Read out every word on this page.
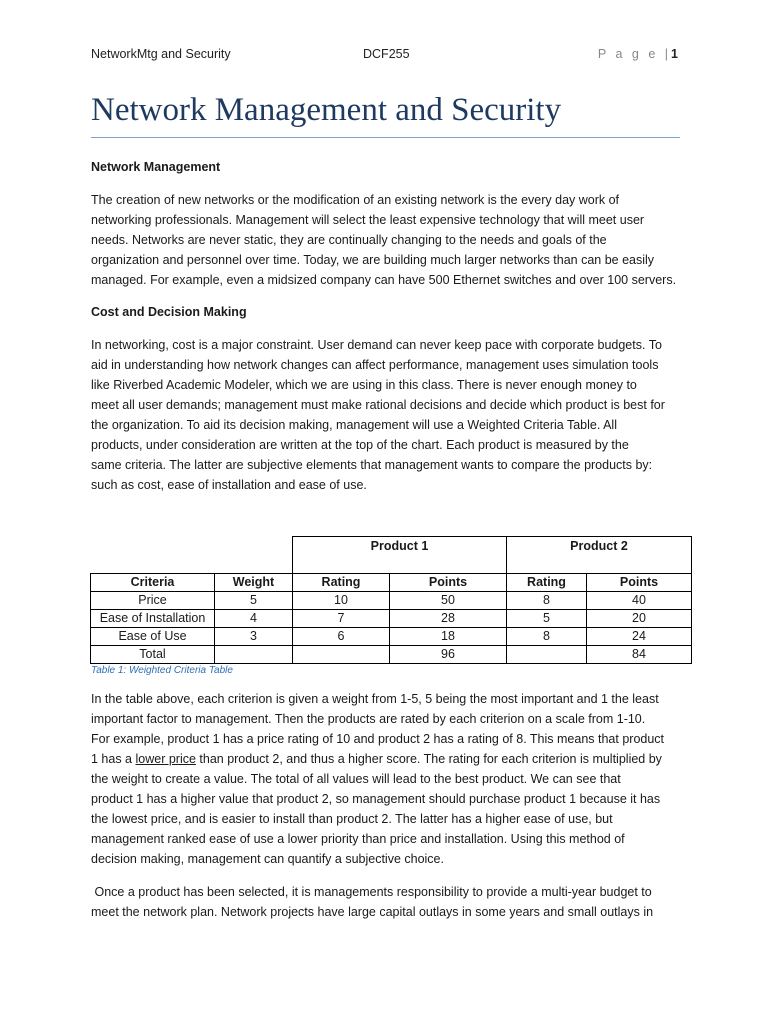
NetworkMtg and Security	DCF255	P a g e |1
Network Management and Security
Network Management

The creation of new networks or the modification of an existing network is the every day work of
networking professionals. Management will select the least expensive technology that will meet user
needs. Networks are never static, they are continually changing to the needs and goals of the
organization and personnel over time. Today, we are building much larger networks than can be easily
managed. For example, even a midsized company can have 500 Ethernet switches and over 100 servers.

Cost and Decision Making

In networking, cost is a major constraint. User demand can never keep pace with corporate budgets. To
aid in understanding how network changes can affect performance, management uses simulation tools
like Riverbed Academic Modeler, which we are using in this class. There is never enough money to
meet all user demands; management must make rational decisions and decide which product is best for
the organization. To aid its decision making, management will use a Weighted Criteria Table. All
products, under consideration are written at the top of the chart. Each product is measured by the
same criteria. The latter are subjective elements that management wants to compare the products by:
such as cost, ease of installation and ease of use.

		Product 1		Product 2	
Criteria	Weight	Rating	Points	Rating	Points
Price	5	10	50	8	40
Ease of Installation	4	7	28	5	20
Ease of Use	3	6	18	8	24
Total			96		84
Table 1: Weighted Criteria Table

In the table above, each criterion is given a weight from 1-5, 5 being the most important and 1 the least
important factor to management. Then the products are rated by each criterion on a scale from 1-10.
For example, product 1 has a price rating of 10 and product 2 has a rating of 8. This means that product
1 has a lower price than product 2, and thus a higher score. The rating for each criterion is multiplied by
the weight to create a value. The total of all values will lead to the best product. We can see that
product 1 has a higher value that product 2, so management should purchase product 1 because it has
the lowest price, and is easier to install than product 2. The latter has a higher ease of use, but
management ranked ease of use a lower priority than price and installation. Using this method of
decision making, management can quantify a subjective choice.

Once a product has been selected, it is managements responsibility to provide a multi-year budget to
meet the network plan. Network projects have large capital outlays in some years and small outlays in
